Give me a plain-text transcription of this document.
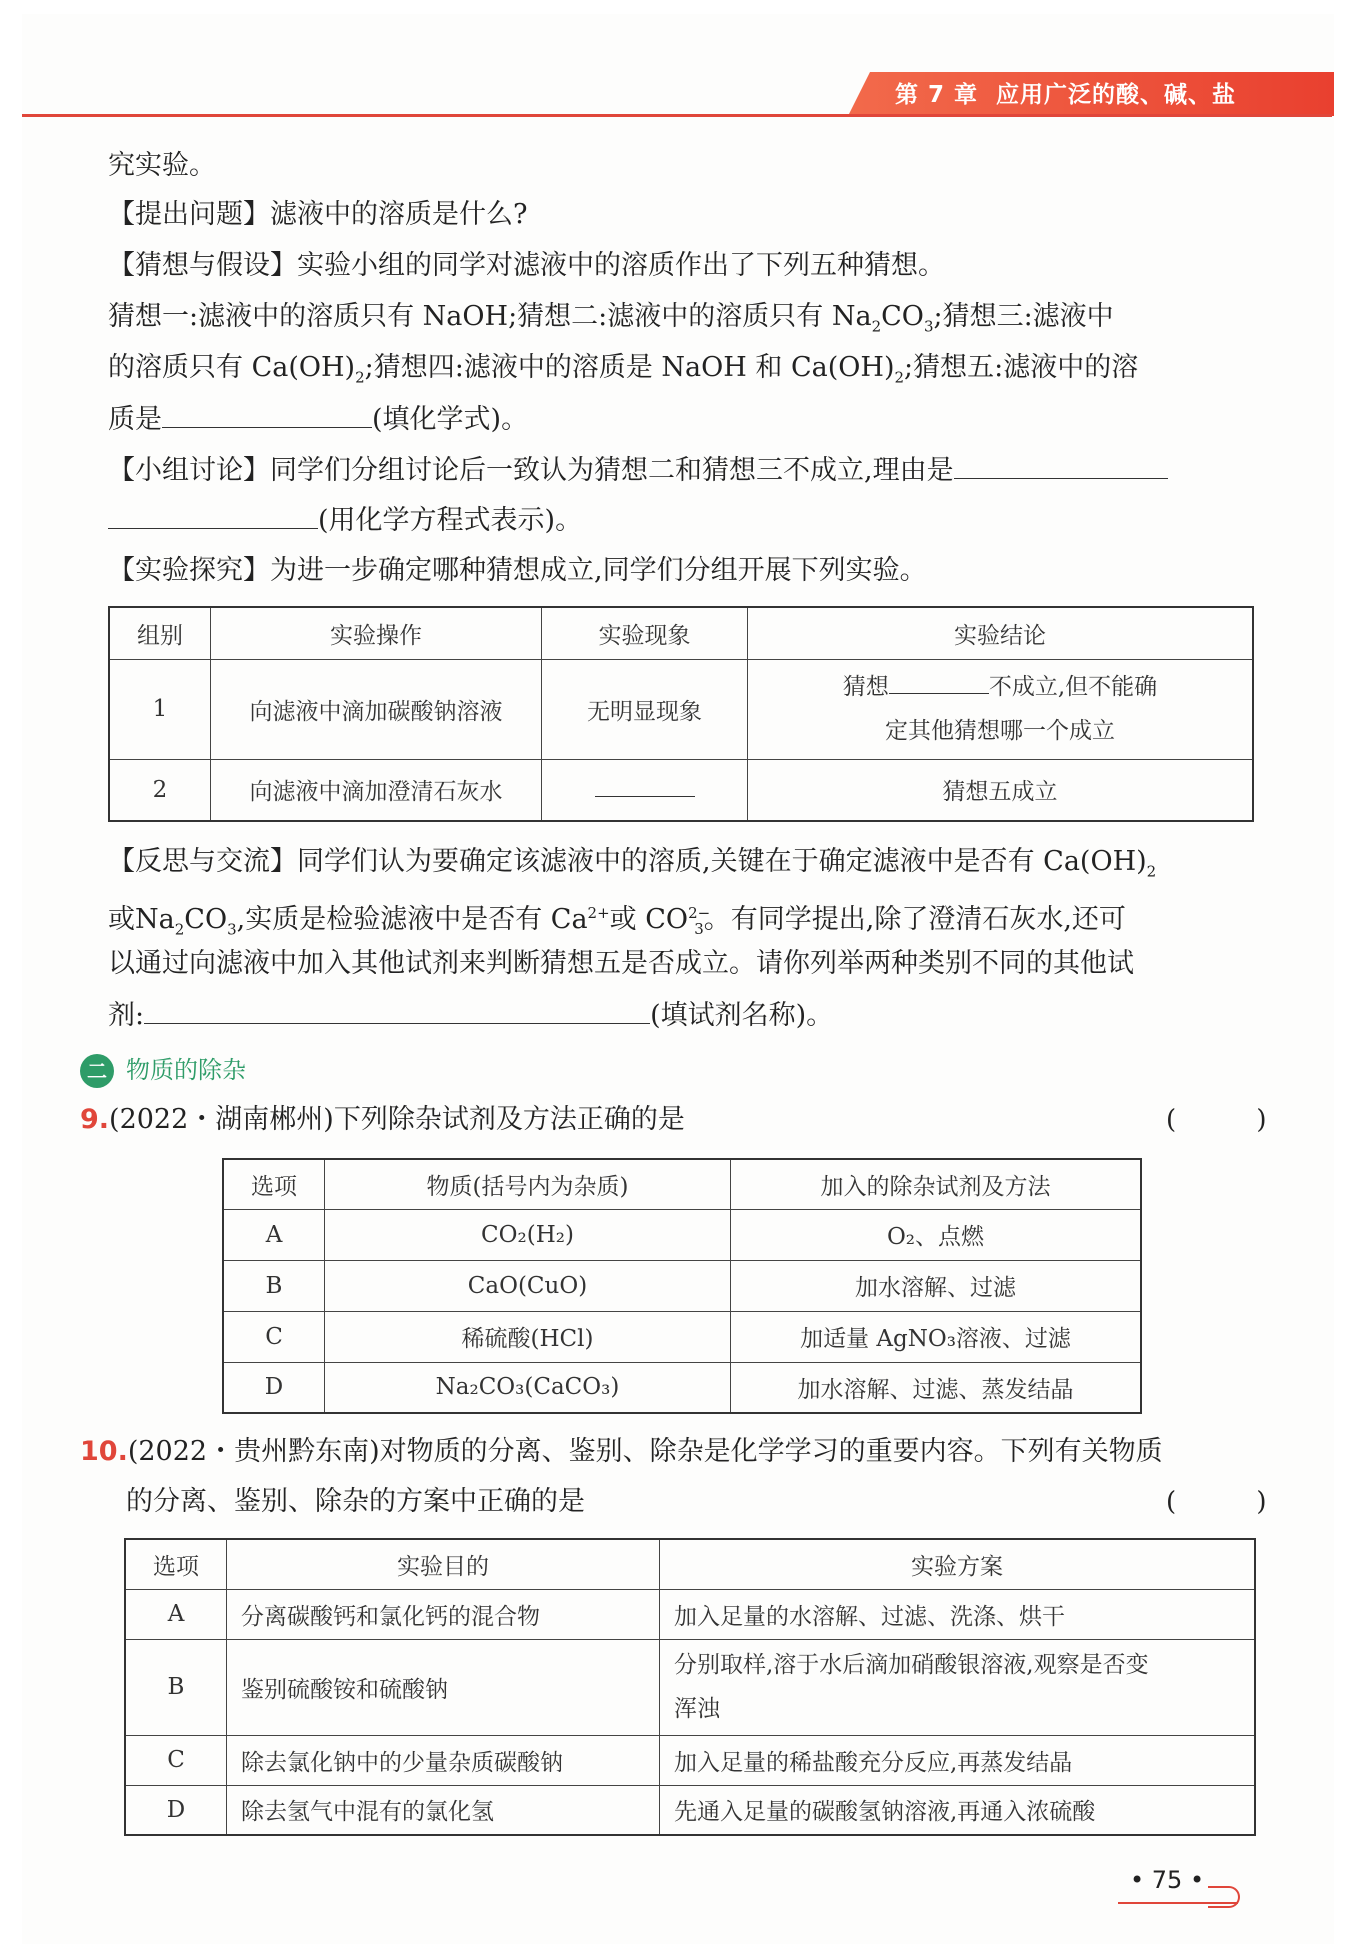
第 7 章 应用广泛的酸、碱、盐
究实验。
【提出问题】滤液中的溶质是什么?
【猜想与假设】实验小组的同学对滤液中的溶质作出了下列五种猜想。
猜想一:滤液中的溶质只有 NaOH;猜想二:滤液中的溶质只有 $Na_2CO_3$;猜想三:滤液中
的溶质只有 $Ca(OH)_2$;猜想四:滤液中的溶质是 NaOH 和 $Ca(OH)_2$;猜想五:滤液中的溶
质是	(填化学式)。
【小组讨论】同学们分组讨论后一致认为猜想二和猜想三不成立,理由是
(用化学方程式表示)。
【实验探究】为进一步确定哪种猜想成立,同学们分组开展下列实验。
组别	实验操作	实验现象	实验结论
1	向滤液中滴加碳酸钠溶液	无明显现象	猜想 不成立,但不能确
定其他猜想哪一个成立

2	向滤液中滴加澄清石灰水		猜想五成立
【反思与交流】同学们认为要确定该滤液中的溶质,关键在于确定滤液中是否有 $Ca(OH)_2$
或$Na_2CO_3$,实质是检验滤液中是否有 $Ca^{2+}$或 $CO^{2-}_3$。有同学提出,除了澄清石灰水,还可
以通过向滤液中加入其他试剂来判断猜想五是否成立。请你列举两种类别不同的其他试
剂:	(填试剂名称)。
二 物质的除杂
9.(2022・湖南郴州)下列除杂试剂及方法正确的是	( )
选项	物质(括号内为杂质)	加入的除杂试剂及方法
A	CO₂(H₂)	O₂、点燃
B	CaO(CuO)	加水溶解、过滤
C	稀硫酸(HCl)	加适量 AgNO₃溶液、过滤
D	Na₂CO₃(CaCO₃)	加水溶解、过滤、蒸发结晶
10.(2022・贵州黔东南)对物质的分离、鉴别、除杂是化学学习的重要内容。下列有关物质
的分离、鉴别、除杂的方案中正确的是	( )
选项	实验目的	实验方案
A	分离碳酸钙和氯化钙的混合物	加入足量的水溶解、过滤、洗涤、烘干
B	鉴别硫酸铵和硫酸钠	分别取样,溶于水后滴加硝酸银溶液,观察是否变
浑浊

C	除去氯化钠中的少量杂质碳酸钠	加入足量的稀盐酸充分反应,再蒸发结晶
D	除去氢气中混有的氯化氢	先通入足量的碳酸氢钠溶液,再通入浓硫酸
• 75 •
